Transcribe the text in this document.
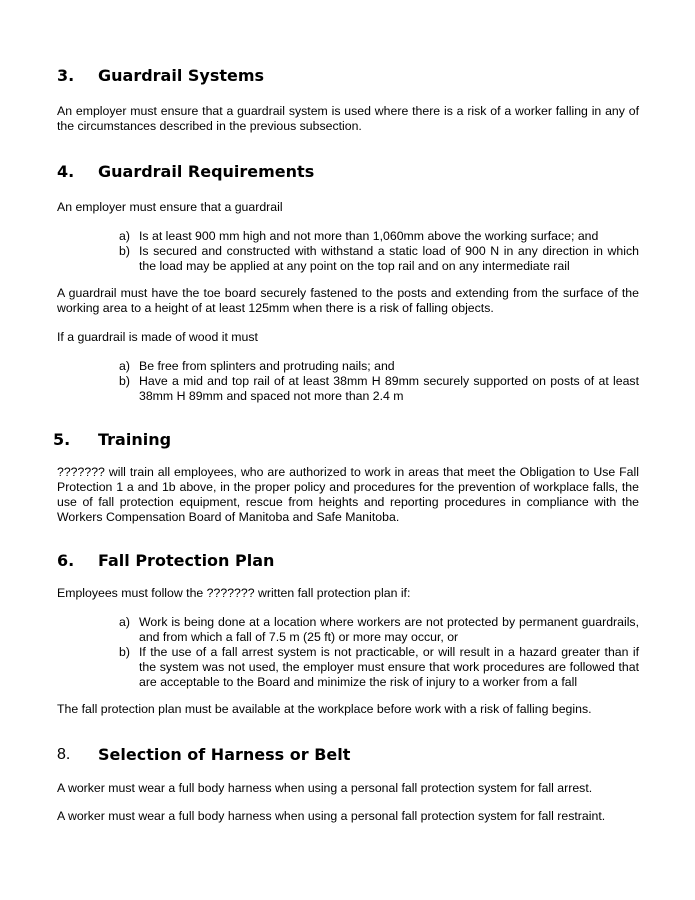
3. Guardrail Systems

An employer must ensure that a guardrail system is used where there is a risk of a worker falling in any of the circumstances described in the previous subsection.

4. Guardrail Requirements

An employer must ensure that a guardrail

a) Is at least 900 mm high and not more than 1,060mm above the working surface; and
b) Is secured and constructed with withstand a static load of 900 N in any direction in which the load may be applied at any point on the top rail and on any intermediate rail

A guardrail must have the toe board securely fastened to the posts and extending from the surface of the working area to a height of at least 125mm when there is a risk of falling objects.

If a guardrail is made of wood it must

a) Be free from splinters and protruding nails; and
b) Have a mid and top rail of at least 38mm H 89mm securely supported on posts of at least 38mm H 89mm and spaced not more than 2.4 m
5. Training

??????? will train all employees, who are authorized to work in areas that meet the Obligation to Use Fall Protection 1 a and 1b above, in the proper policy and procedures for the prevention of workplace falls, the use of fall protection equipment, rescue from heights and reporting procedures in compliance with the Workers Compensation Board of Manitoba and Safe Manitoba.

6. Fall Protection Plan

Employees must follow the ??????? written fall protection plan if:

a) Work is being done at a location where workers are not protected by permanent guardrails, and from which a fall of 7.5 m (25 ft) or more may occur, or
b) If the use of a fall arrest system is not practicable, or will result in a hazard greater than if the system was not used, the employer must ensure that work procedures are followed that are acceptable to the Board and minimize the risk of injury to a worker from a fall

The fall protection plan must be available at the workplace before work with a risk of falling begins.

8. Selection of Harness or Belt

A worker must wear a full body harness when using a personal fall protection system for fall arrest.

A worker must wear a full body harness when using a personal fall protection system for fall restraint.
